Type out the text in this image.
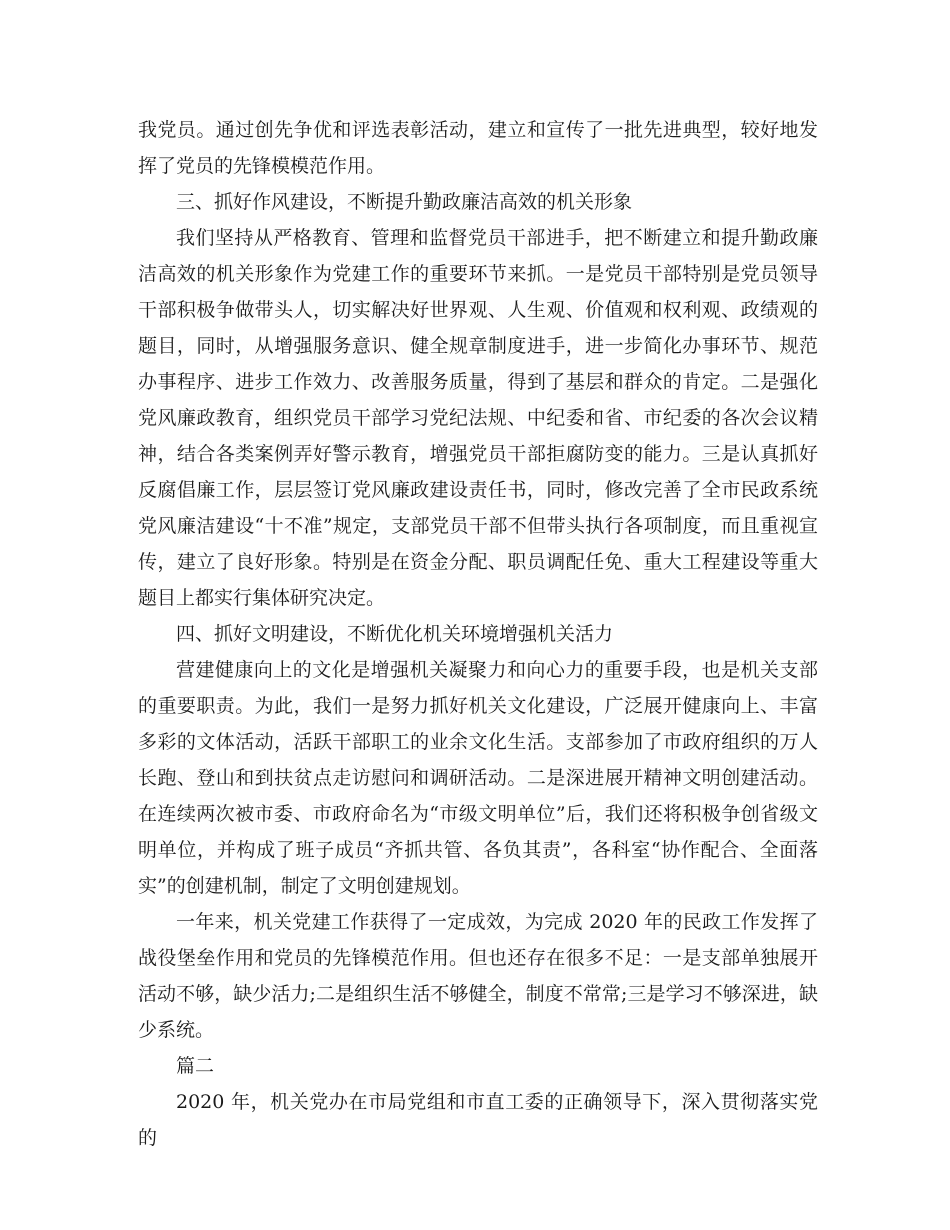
我党员。通过创先争优和评选表彰活动，建立和宣传了一批先进典型，较好地发挥了党员的先锋模模范作用。

三、抓好作风建设，不断提升勤政廉洁高效的机关形象

我们坚持从严格教育、管理和监督党员干部进手，把不断建立和提升勤政廉洁高效的机关形象作为党建工作的重要环节来抓。一是党员干部特别是党员领导干部积极争做带头人，切实解决好世界观、人生观、价值观和权利观、政绩观的题目，同时，从增强服务意识、健全规章制度进手，进一步简化办事环节、规范办事程序、进步工作效力、改善服务质量，得到了基层和群众的肯定。二是强化党风廉政教育，组织党员干部学习党纪法规、中纪委和省、市纪委的各次会议精神，结合各类案例弄好警示教育，增强党员干部拒腐防变的能力。三是认真抓好反腐倡廉工作，层层签订党风廉政建设责任书，同时，修改完善了全市民政系统党风廉洁建设“十不准”规定，支部党员干部不但带头执行各项制度，而且重视宣传，建立了良好形象。特别是在资金分配、职员调配任免、重大工程建设等重大题目上都实行集体研究决定。

四、抓好文明建设，不断优化机关环境增强机关活力

营建健康向上的文化是增强机关凝聚力和向心力的重要手段，也是机关支部的重要职责。为此，我们一是努力抓好机关文化建设，广泛展开健康向上、丰富多彩的文体活动，活跃干部职工的业余文化生活。支部参加了市政府组织的万人长跑、登山和到扶贫点走访慰问和调研活动。二是深进展开精神文明创建活动。在连续两次被市委、市政府命名为“市级文明单位”后，我们还将积极争创省级文明单位，并构成了班子成员“齐抓共管、各负其责”，各科室“协作配合、全面落实”的创建机制，制定了文明创建规划。

一年来，机关党建工作获得了一定成效，为完成 2020 年的民政工作发挥了战役堡垒作用和党员的先锋模范作用。但也还存在很多不足：一是支部单独展开活动不够，缺少活力;二是组织生活不够健全，制度不常常;三是学习不够深进，缺少系统。

篇二

2020 年，机关党办在市局党组和市直工委的正确领导下，深入贯彻落实党的
